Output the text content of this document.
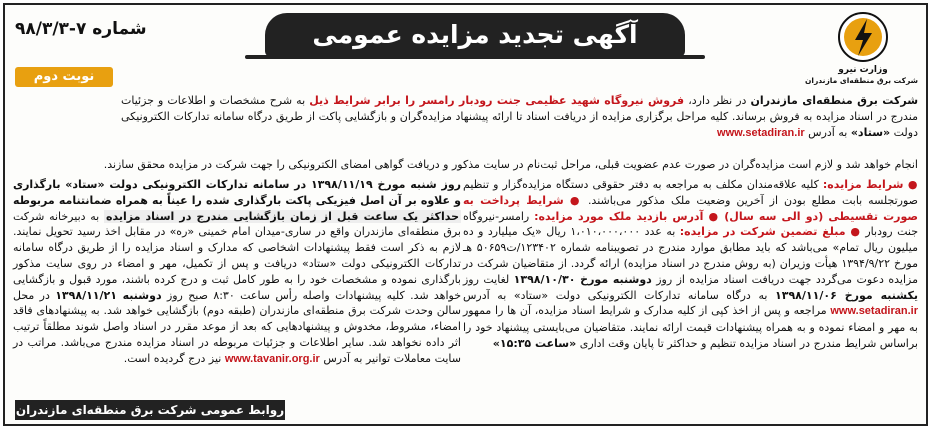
وزارت نیرو
شرکت برق منطقه‌ای مازندران
آگهی تجدید مزایده عمومی
شماره ۷-۹۸/۳/۳
نوبت دوم
شرکت برق منطقه‌ای مازندران در نظر دارد، فروش نیروگاه شهید عظیمی جنت رودبار رامسر را برابر شرایط ذیل به شرح مشخصات و اطلاعات و جزئیات مندرج در اسناد مزایده به فروش برساند. کلیه مراحل برگزاری مزایده از دریافت اسناد تا ارائه پیشنهاد مزایده‌گران و بازگشایی پاکت از طریق درگاه سامانه تدارکات الکترونیکی دولت «ستاد» به آدرس www.setadiran.ir
انجام خواهد شد و لازم است مزایده‌گران در صورت عدم عضویت قبلی، مراحل ثبت‌نام در سایت مذکور و دریافت گواهی امضای الکترونیکی را جهت شرکت در مزایده محقق سازند.
● شرایط مزایده: کلیه علاقه‌مندان مکلف به مراجعه به دفتر حقوقی دستگاه مزایده‌گزار و تنظیم صورتجلسه بابت مطلع بودن از آخرین وضعیت ملک مذکور می‌باشند. ● شرایط پرداخت به صورت تقسیطی (دو الی سه سال) ● آدرس بازدید ملک مورد مزایده: رامسر-نیروگاه جنت رودبار ● مبلغ تضمین شرکت در مزایده: به عدد ۱،۰۱۰،۰۰۰،۰۰۰ ریال «یک میلیارد و ده میلیون ریال تمام» می‌باشد که باید مطابق موارد مندرج در تصویبنامه شماره ۱۲۳۴۰۲/ت۵۰۶۵۹ هـ مورخ ۱۳۹۴/۹/۲۲ هیأت وزیران (به روش مندرج در اسناد مزایده) ارائه گردد. از متقاضیان شرکت در مزایده دعوت می‌گردد جهت دریافت اسناد مزایده از روز دوشنبه مورخ ۱۳۹۸/۱۰/۳۰ لغایت روز یکشنبه مورخ ۱۳۹۸/۱۱/۰۶ به درگاه سامانه تدارکات الکترونیکی دولت «ستاد» به آدرس www.setadiran.ir مراجعه و پس از اخذ کپی از کلیه مدارک و شرایط اسناد مزایده، آن ها را ممهور به مهر و امضاء نموده و به همراه پیشنهادات قیمت ارائه نمایند. متقاضیان می‌بایستی پیشنهاد خود را براساس شرایط مندرج در اسناد مزایده تنظیم و حداکثر تا پایان وقت اداری «ساعت ۱۵:۳۵»
روز شنبه مورخ ۱۳۹۸/۱۱/۱۹ در سامانه تدارکات الکترونیکی دولت «ستاد» بارگذاری و علاوه بر آن اصل فیزیکی پاکت بارگذاری شده را عیناً به همراه ضمانتنامه مربوطه حداکثر یک ساعت قبل از زمان بازگشایی مندرج در اسناد مزایده به دبیرخانه شرکت برق منطقه‌ای مازندران واقع در ساری-میدان امام خمینی «ره» در مقابل اخذ رسید تحویل نمایند. لازم به ذکر است فقط پیشنهادات اشخاصی که مدارک و اسناد مزایده را از طریق درگاه سامانه تدارکات الکترونیکی دولت «ستاد» دریافت و پس از تکمیل، مهر و امضاء در روی سایت مذکور بارگذاری نموده و مشخصات خود را به طور کامل ثبت و درج کرده باشند، مورد قبول و بازگشایی خواهد شد. کلیه پیشنهادات واصله رأس ساعت ۸:۳۰ صبح روز دوشنبه ۱۳۹۸/۱۱/۲۱ در محل سالن وحدت شرکت برق منطقه‌ای مازندران (طبقه دوم) بازگشایی خواهد شد. به پیشنهادهای فاقد امضاء، مشروط، مخدوش و پیشنهادهایی که بعد از موعد مقرر در اسناد واصل شوند مطلقاً ترتیب اثر داده نخواهد شد. سایر اطلاعات و جزئیات مربوطه در اسناد مزایده مندرج می‌باشد. مراتب در سایت معاملات توانیر به آدرس www.tavanir.org.ir نیز درج گردیده است.
روابط عمومی شرکت برق منطقه‌ای مازندران
